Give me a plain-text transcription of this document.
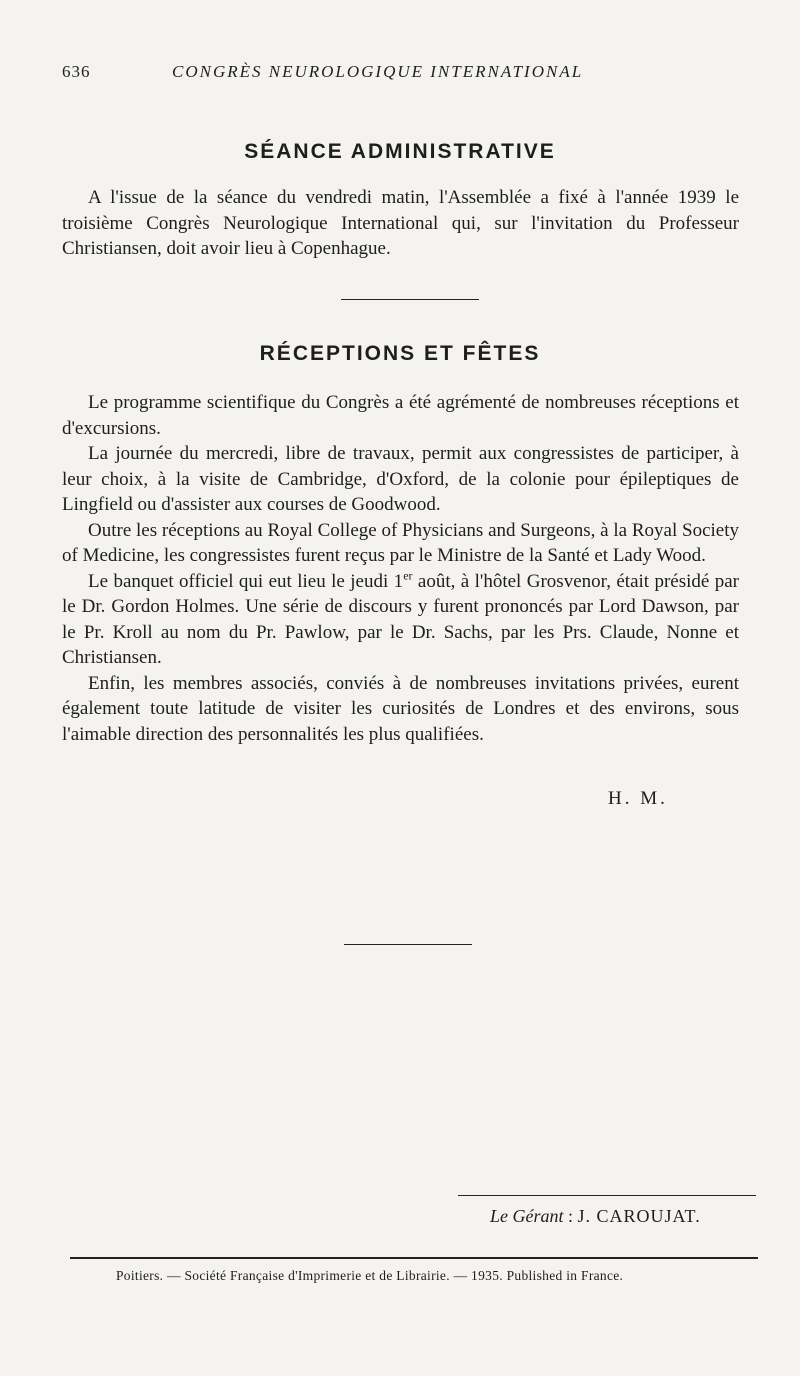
636	CONGRÈS NEUROLOGIQUE INTERNATIONAL
SÉANCE ADMINISTRATIVE

A l'issue de la séance du vendredi matin, l'Assemblée a fixé à l'année 1939 le troisième Congrès Neurologique International qui, sur l'invitation du Professeur Christiansen, doit avoir lieu à Copenhague.

RÉCEPTIONS ET FÊTES

Le programme scientifique du Congrès a été agrémenté de nombreuses réceptions et d'excursions.

La journée du mercredi, libre de travaux, permit aux congressistes de participer, à leur choix, à la visite de Cambridge, d'Oxford, de la colonie pour épileptiques de Lingfield ou d'assister aux courses de Goodwood.

Outre les réceptions au Royal College of Physicians and Surgeons, à la Royal Society of Medicine, les congressistes furent reçus par le Ministre de la Santé et Lady Wood.

Le banquet officiel qui eut lieu le jeudi 1er août, à l'hôtel Grosvenor, était présidé par le Dr. Gordon Holmes. Une série de discours y furent prononcés par Lord Dawson, par le Pr. Kroll au nom du Pr. Pawlow, par le Dr. Sachs, par les Prs. Claude, Nonne et Christiansen.

Enfin, les membres associés, conviés à de nombreuses invitations privées, eurent également toute latitude de visiter les curiosités de Londres et des environs, sous l'aimable direction des personnalités les plus qualifiées.

H. M.
Le Gérant : J. CAROUJAT.
Poitiers. — Société Française d'Imprimerie et de Librairie. — 1935. Published in France.
